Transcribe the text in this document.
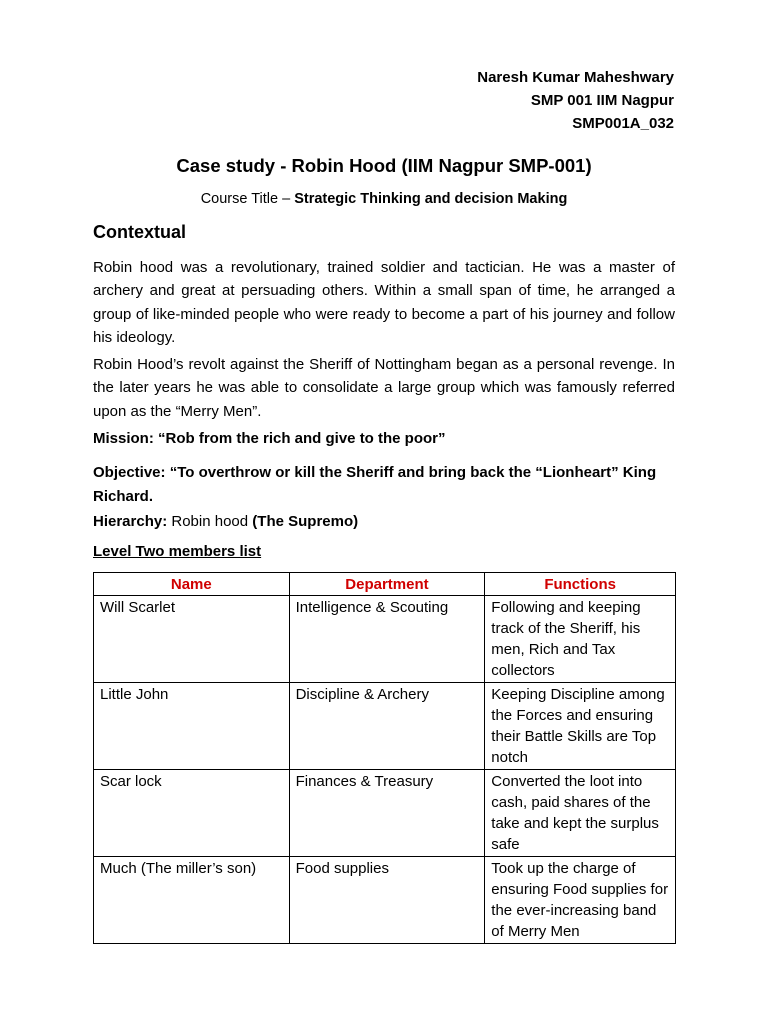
Naresh Kumar Maheshwary
SMP 001 IIM Nagpur
SMP001A_032
Case study - Robin Hood (IIM Nagpur SMP-001)
Course Title – Strategic Thinking and decision Making
Contextual

Robin hood was a revolutionary, trained soldier and tactician. He was a master of archery and great at persuading others. Within a small span of time, he arranged a group of like-minded people who were ready to become a part of his journey and follow his ideology.

Robin Hood’s revolt against the Sheriff of Nottingham began as a personal revenge. In the later years he was able to consolidate a large group which was famously referred upon as the “Merry Men”.

Mission: “Rob from the rich and give to the poor”
Objective: “To overthrow or kill the Sheriff and bring back the “Lionheart” King Richard.
Hierarchy: Robin hood (The Supremo)
Level Two members list
Name	Department	Functions
Will Scarlet	Intelligence & Scouting	Following and keeping track of the Sheriff, his men, Rich and Tax collectors
Little John	Discipline & Archery	Keeping Discipline among the Forces and ensuring their Battle Skills are Top notch
Scar lock	Finances & Treasury	Converted the loot into cash, paid shares of the take and kept the surplus safe
Much (The miller’s son)	Food supplies	Took up the charge of ensuring Food supplies for the ever-increasing band of Merry Men
